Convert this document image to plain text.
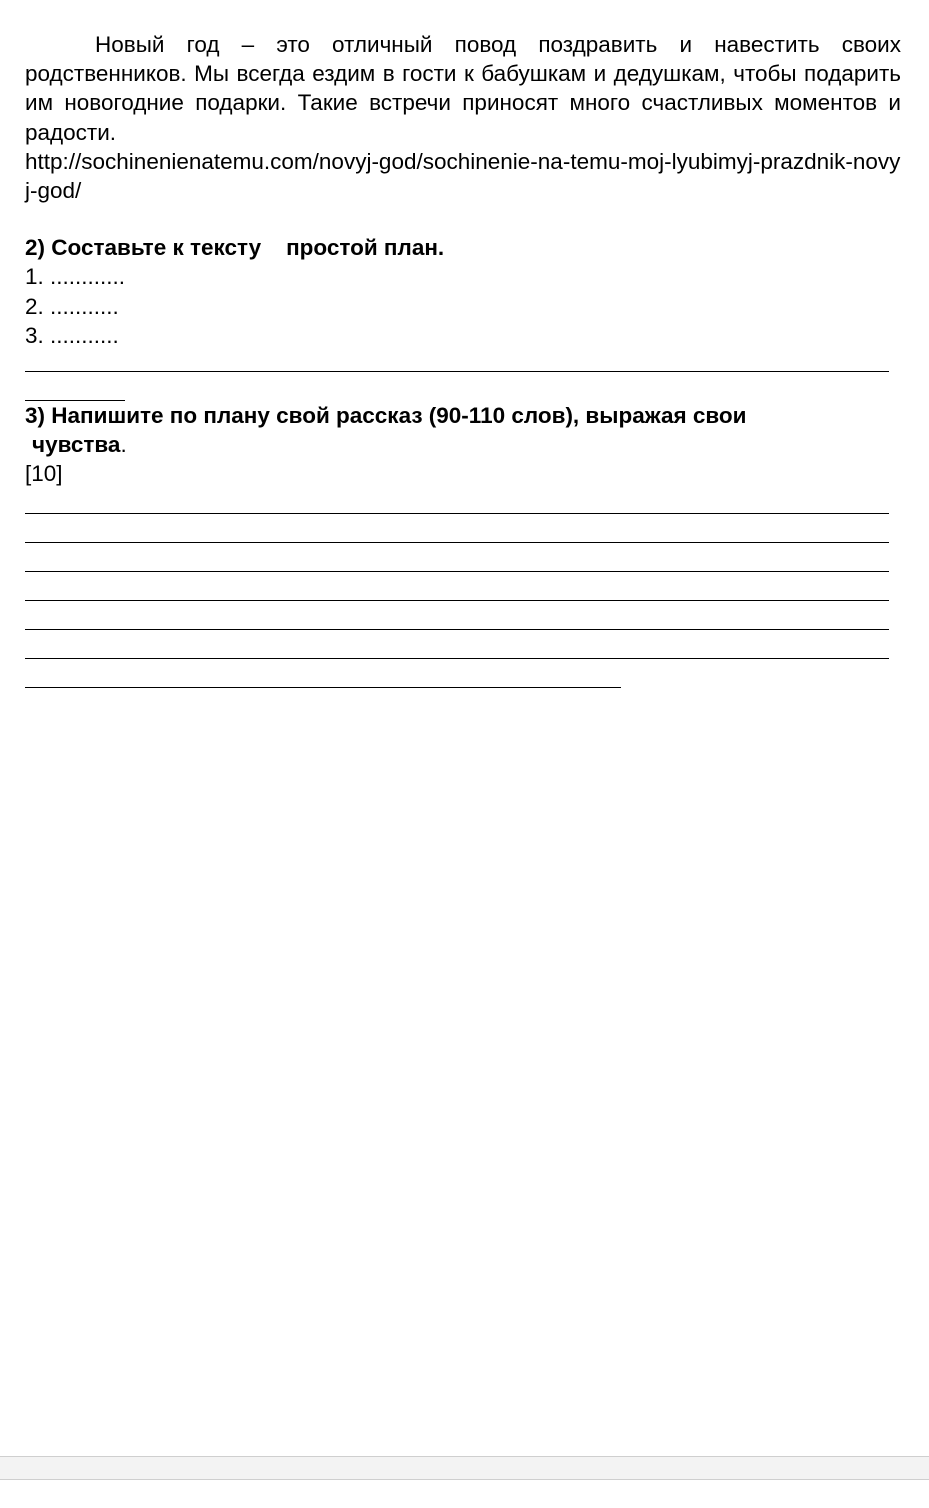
Новый год – это отличный повод поздравить и навестить своих родственников. Мы всегда ездим в гости к бабушкам и дедушкам, чтобы подарить им новогодние подарки. Такие встречи приносят много счастливых моментов и радости.

http://sochinenienatemu.com/novyj-god/sochinenie-na-temu-moj-lyubimyj-prazdnik-novyj-god/

2) Составьте к тексту    простой план.

1. ............

2. ...........

3. ...........

3) Напишите по плану свой рассказ (90-110 слов), выражая свои
чувства.

[10]
